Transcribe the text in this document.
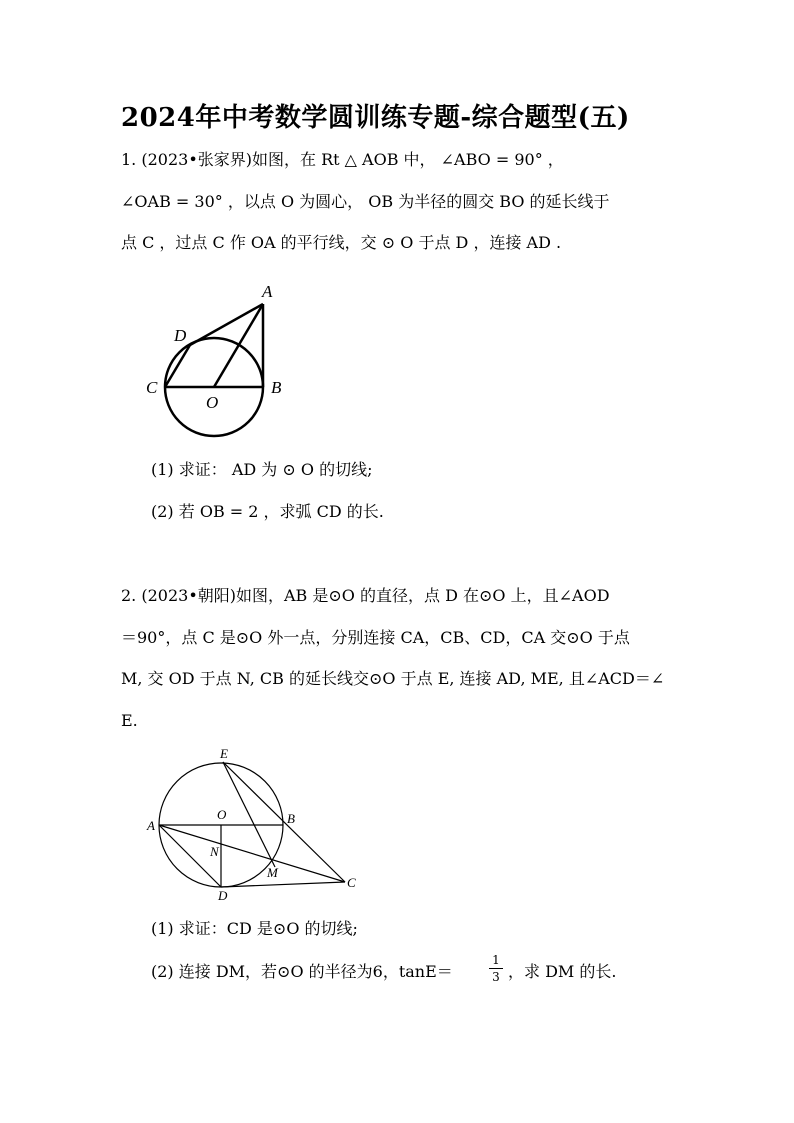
2024年中考数学圆训练专题-综合题型(五)
1. (2023•张家界)如图，在 Rt △ AOB 中， ∠ABO = 90° ，
∠OAB = 30° ，以点 O 为圆心， OB 为半径的圆交 BO 的延长线于
点 C ，过点 C 作 OA 的平行线，交 ⊙ O 于点 D ，连接 AD .
A
D
C
O
B
(1) 求证： AD 为 ⊙ O 的切线;
(2) 若 OB = 2 ，求弧 CD 的长.
2. (2023•朝阳)如图，AB 是⊙O 的直径，点 D 在⊙O 上，且∠AOD
＝90°，点 C 是⊙O 外一点，分别连接 CA，CB、CD，CA 交⊙O 于点
M, 交 OD 于点 N, CB 的延长线交⊙O 于点 E, 连接 AD, ME, 且∠ACD＝∠
E.
E
O	B
A
N
M
D
C
(1) 求证：CD 是⊙O 的切线;
(2) 连接 DM，若⊙O 的半径为6，tanE＝
1
3 ，求 DM 的长.
